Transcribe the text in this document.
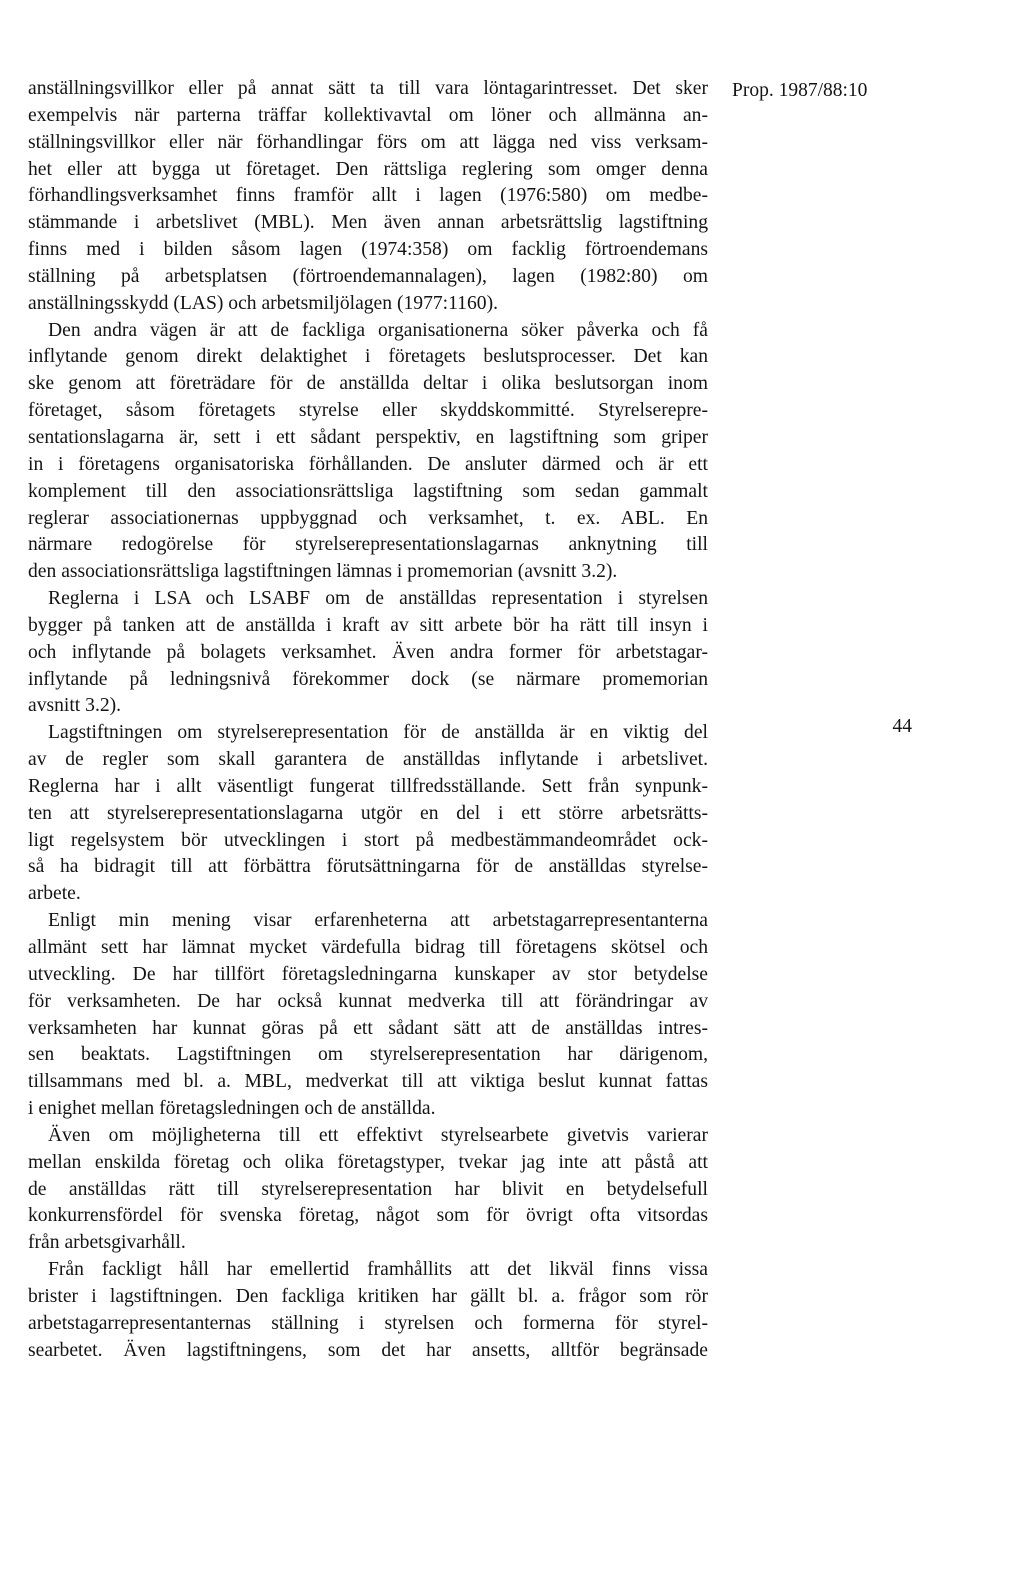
Prop. 1987/88:10
anställningsvillkor eller på annat sätt ta till vara löntagarintresset. Det sker
exempelvis när parterna träffar kollektivavtal om löner och allmänna an-
ställningsvillkor eller när förhandlingar förs om att lägga ned viss verksam-
het eller att bygga ut företaget. Den rättsliga reglering som omger denna
förhandlingsverksamhet finns framför allt i lagen (1976:580) om medbe-
stämmande i arbetslivet (MBL). Men även annan arbetsrättslig lagstiftning
finns med i bilden såsom lagen (1974:358) om facklig förtroendemans
ställning på arbetsplatsen (förtroendemannalagen), lagen (1982:80) om
anställningsskydd (LAS) och arbetsmiljölagen (1977:1160).
Den andra vägen är att de fackliga organisationerna söker påverka och få
inflytande genom direkt delaktighet i företagets beslutsprocesser. Det kan
ske genom att företrädare för de anställda deltar i olika beslutsorgan inom
företaget, såsom företagets styrelse eller skyddskommitté. Styrelserepre-
sentationslagarna är, sett i ett sådant perspektiv, en lagstiftning som griper
in i företagens organisatoriska förhållanden. De ansluter därmed och är ett
komplement till den associationsrättsliga lagstiftning som sedan gammalt
reglerar associationernas uppbyggnad och verksamhet, t. ex. ABL. En
närmare redogörelse för styrelserepresentationslagarnas anknytning till
den associationsrättsliga lagstiftningen lämnas i promemorian (avsnitt 3.2).
Reglerna i LSA och LSABF om de anställdas representation i styrelsen
bygger på tanken att de anställda i kraft av sitt arbete bör ha rätt till insyn i
och inflytande på bolagets verksamhet. Även andra former för arbetstagar-
inflytande på ledningsnivå förekommer dock (se närmare promemorian
avsnitt 3.2).
Lagstiftningen om styrelserepresentation för de anställda är en viktig del
av de regler som skall garantera de anställdas inflytande i arbetslivet.
Reglerna har i allt väsentligt fungerat tillfredsställande. Sett från synpunk-
ten att styrelserepresentationslagarna utgör en del i ett större arbetsrätts-
ligt regelsystem bör utvecklingen i stort på medbestämmandeområdet ock-
så ha bidragit till att förbättra förutsättningarna för de anställdas styrelse-
arbete.
Enligt min mening visar erfarenheterna att arbetstagarrepresentanterna
allmänt sett har lämnat mycket värdefulla bidrag till företagens skötsel och
utveckling. De har tillfört företagsledningarna kunskaper av stor betydelse
för verksamheten. De har också kunnat medverka till att förändringar av
verksamheten har kunnat göras på ett sådant sätt att de anställdas intres-
sen beaktats. Lagstiftningen om styrelserepresentation har därigenom,
tillsammans med bl. a. MBL, medverkat till att viktiga beslut kunnat fattas
i enighet mellan företagsledningen och de anställda.
Även om möjligheterna till ett effektivt styrelsearbete givetvis varierar
mellan enskilda företag och olika företagstyper, tvekar jag inte att påstå att
de anställdas rätt till styrelserepresentation har blivit en betydelsefull
konkurrensfördel för svenska företag, något som för övrigt ofta vitsordas
från arbetsgivarhåll.
Från fackligt håll har emellertid framhållits att det likväl finns vissa
brister i lagstiftningen. Den fackliga kritiken har gällt bl. a. frågor som rör
arbetstagarrepresentanternas ställning i styrelsen och formerna för styrel-
searbetet. Även lagstiftningens, som det har ansetts, alltför begränsade
44
